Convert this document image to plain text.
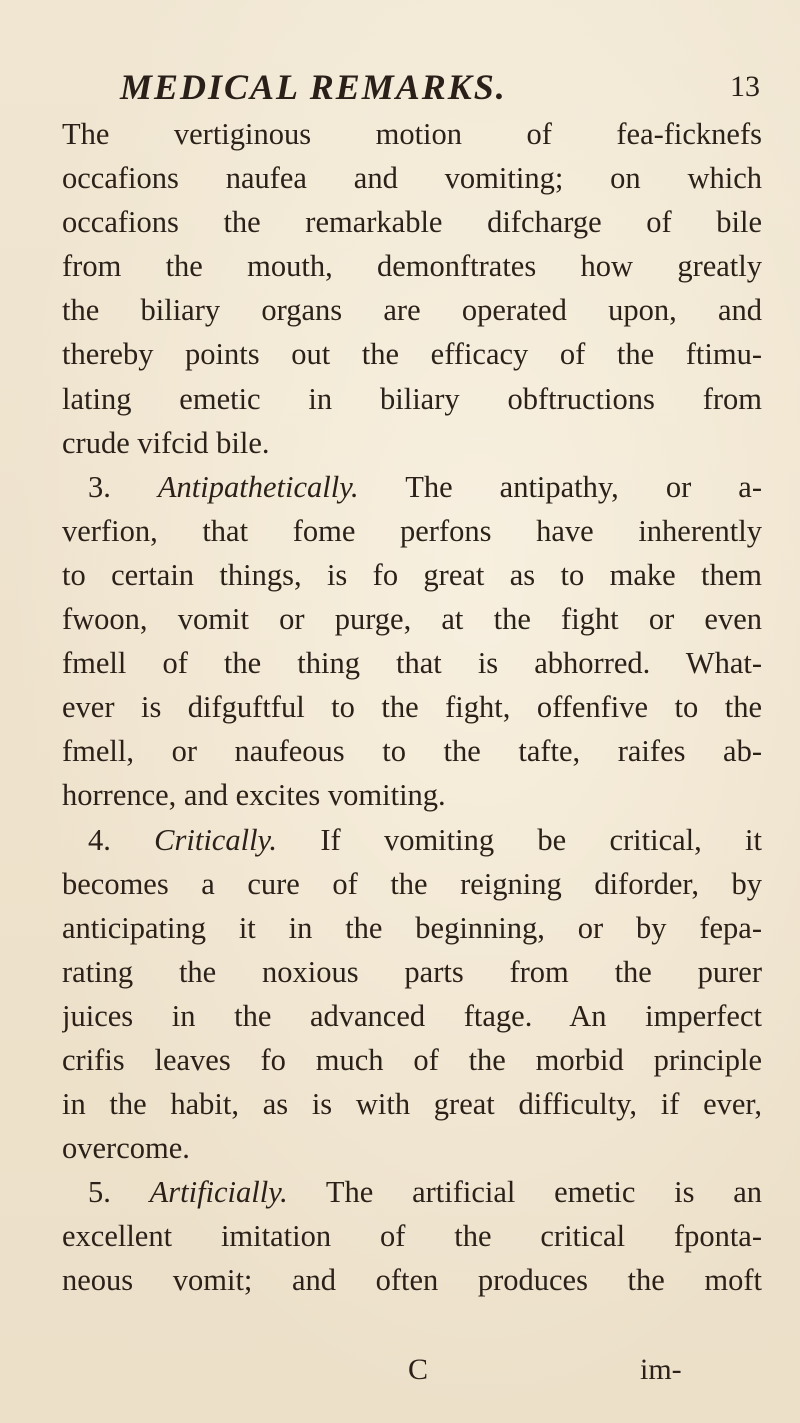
MEDICAL REMARKS.	13
The vertiginous motion of fea-ficknefs
occafions naufea and vomiting; on which
occafions the remarkable difcharge of bile
from the mouth, demonftrates how greatly
the biliary organs are operated upon, and
thereby points out the efficacy of the ftimu-
lating emetic in biliary obftructions from
crude vifcid bile.
3. Antipathetically. The antipathy, or a-
verfion, that fome perfons have inherently
to certain things, is fo great as to make them
fwoon, vomit or purge, at the fight or even
fmell of the thing that is abhorred. What-
ever is difguftful to the fight, offenfive to the
fmell, or naufeous to the tafte, raifes ab-
horrence, and excites vomiting.
4. Critically. If vomiting be critical, it
becomes a cure of the reigning diforder, by
anticipating it in the beginning, or by fepa-
rating the noxious parts from the purer
juices in the advanced ftage. An imperfect
crifis leaves fo much of the morbid principle
in the habit, as is with great difficulty, if ever,
overcome.
5. Artificially. The artificial emetic is an
excellent imitation of the critical fponta-
neous vomit; and often produces the moft
C	im-
